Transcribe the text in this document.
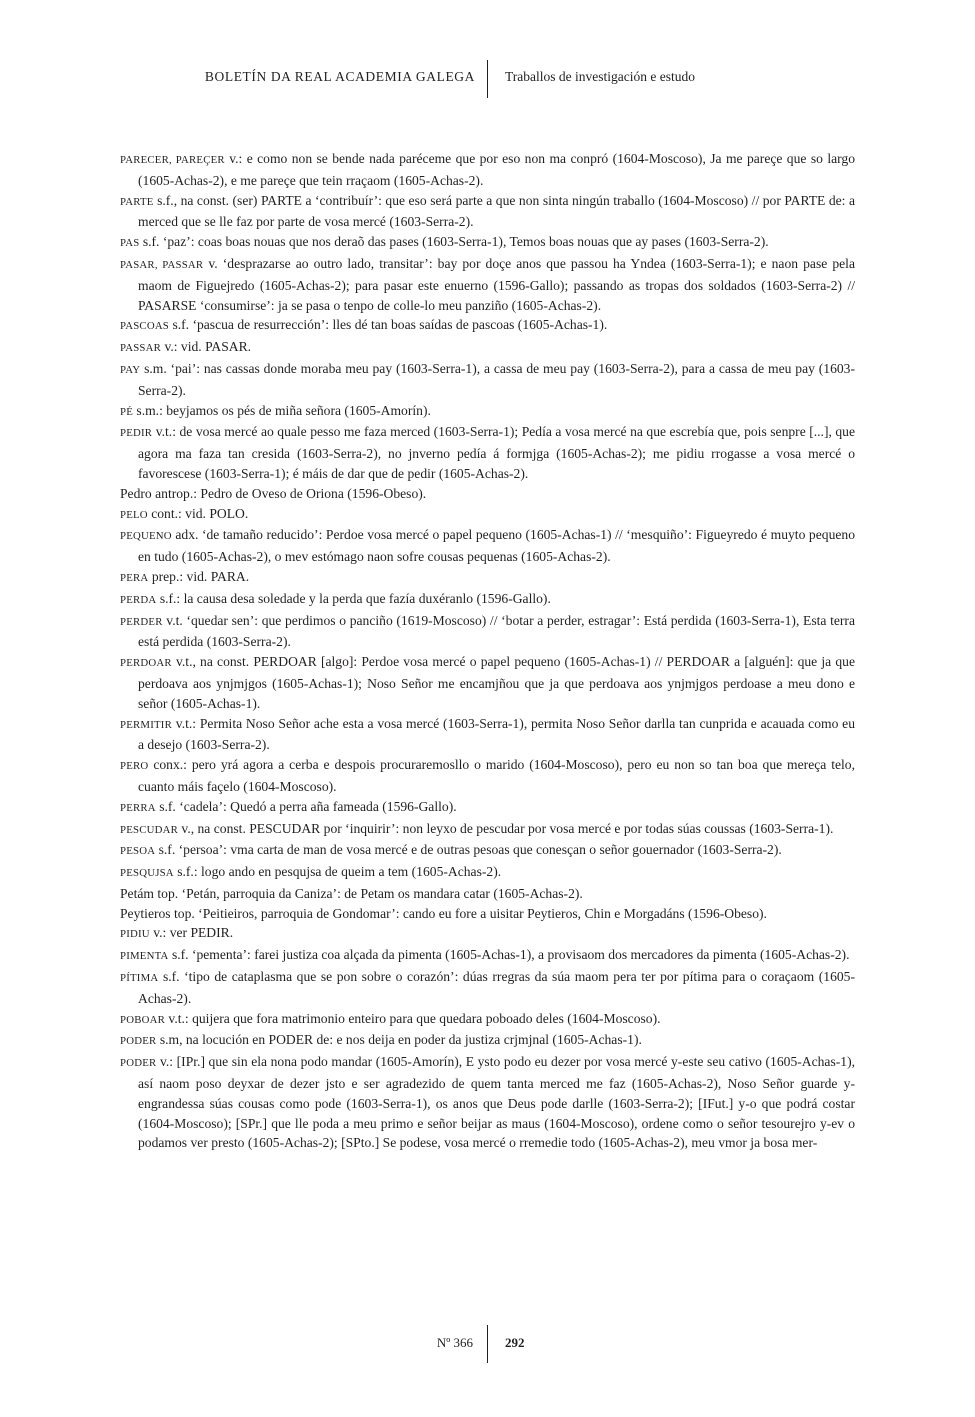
BOLETÍN DA REAL ACADEMIA GALEGA Traballos de investigación e estudo
PARECER, PAREÇER v.: e como non se bende nada paréceme que por eso non ma conpró (1604-Moscoso), Ja me pareçe que so largo (1605-Achas-2), e me pareçe que tein rraçaom (1605-Achas-2).
PARTE s.f., na const. (ser) PARTE a ‘contribuír’: que eso será parte a que non sinta ningún traballo (1604-Moscoso) // por PARTE de: a merced que se lle faz por parte de vosa mercé (1603-Serra-2).
PAS s.f. ‘paz’: coas boas nouas que nos deraõ das pases (1603-Serra-1), Temos boas nouas que ay pases (1603-Serra-2).
PASAR, PASSAR v. ‘desprazarse ao outro lado, transitar’: bay por doçe anos que passou ha Yndea (1603-Serra-1); e naon pase pela maom de Figuejredo (1605-Achas-2); para pasar este enuerno (1596-Gallo); passando as tropas dos soldados (1603-Serra-2) // PASARSE ‘consumirse’: ja se pasa o tenpo de colle-lo meu panziño (1605-Achas-2).
PASCOAS s.f. ‘pascua de resurrección’: lles dé tan boas saídas de pascoas (1605-Achas-1).
PASSAR v.: vid. PASAR.
PAY s.m. ‘pai’: nas cassas donde moraba meu pay (1603-Serra-1), a cassa de meu pay (1603-Serra-2), para a cassa de meu pay (1603-Serra-2).
PÉ s.m.: beyjamos os pés de miña señora (1605-Amorín).
PEDIR v.t.: de vosa mercé ao quale pesso me faza merced (1603-Serra-1); Pedía a vosa mercé na que escrebía que, pois senpre [...], que agora ma faza tan cresida (1603-Serra-2), no jnverno pedía á formjga (1605-Achas-2); me pidiu rrogasse a vosa mercé o favorescese (1603-Serra-1); é máis de dar que de pedir (1605-Achas-2).
Pedro antrop.: Pedro de Oveso de Oriona (1596-Obeso).
PELO cont.: vid. POLO.
PEQUENO adx. ‘de tamaño reducido’: Perdoe vosa mercé o papel pequeno (1605-Achas-1) // ‘mesquiño’: Figueyredo é muyto pequeno en tudo (1605-Achas-2), o mev estómago naon sofre cousas pequenas (1605-Achas-2).
PERA prep.: vid. PARA.
PERDA s.f.: la causa desa soledade y la perda que fazía duxéranlo (1596-Gallo).
PERDER v.t. ‘quedar sen’: que perdimos o panciño (1619-Moscoso) // ‘botar a perder, estragar’: Está perdida (1603-Serra-1), Esta terra está perdida (1603-Serra-2).
PERDOAR v.t., na const. PERDOAR [algo]: Perdoe vosa mercé o papel pequeno (1605-Achas-1) // PERDOAR a [alguén]: que ja que perdoava aos ynjmjgos (1605-Achas-1); Noso Señor me encamjñou que ja que perdoava aos ynjmjgos perdoase a meu dono e señor (1605-Achas-1).
PERMITIR v.t.: Permita Noso Señor ache esta a vosa mercé (1603-Serra-1), permita Noso Señor darlla tan cunprida e acauada como eu a desejo (1603-Serra-2).
PERO conx.: pero yrá agora a cerba e despois procuraremosllo o marido (1604-Moscoso), pero eu non so tan boa que mereça telo, cuanto máis façelo (1604-Moscoso).
PERRA s.f. ‘cadela’: Quedó a perra aña fameada (1596-Gallo).
PESCUDAR v., na const. PESCUDAR por ‘inquirir’: non leyxo de pescudar por vosa mercé e por todas súas coussas (1603-Serra-1).
PESOA s.f. ‘persoa’: vma carta de man de vosa mercé e de outras pesoas que conesçan o señor gouernador (1603-Serra-2).
PESQUJSA s.f.: logo ando en pesqujsa de queim a tem (1605-Achas-2).
Petám top. ‘Petán, parroquia da Caniza’: de Petam os mandara catar (1605-Achas-2).
Peytieros top. ‘Peitieiros, parroquia de Gondomar’: cando eu fore a uisitar Peytieros, Chin e Morgadáns (1596-Obeso).
PIDIU v.: ver PEDIR.
PIMENTA s.f. ‘pementa’: farei justiza coa alçada da pimenta (1605-Achas-1), a provisaom dos mercadores da pimenta (1605-Achas-2).
PÍTIMA s.f. ‘tipo de cataplasma que se pon sobre o corazón’: dúas rregras da súa maom pera ter por pítima para o coraçaom (1605-Achas-2).
POBOAR v.t.: quijera que fora matrimonio enteiro para que quedara poboado deles (1604-Moscoso).
PODER s.m, na locución en PODER de: e nos deija en poder da justiza crjmjnal (1605-Achas-1).
PODER v.: [IPr.] que sin ela nona podo mandar (1605-Amorín), E ysto podo eu dezer por vosa mercé y-este seu cativo (1605-Achas-1), así naom poso deyxar de dezer jsto e ser agradezido de quem tanta merced me faz (1605-Achas-2), Noso Señor guarde y-engrandessa súas cousas como pode (1603-Serra-1), os anos que Deus pode darlle (1603-Serra-2); [IFut.] y-o que podrá costar (1604-Moscoso); [SPr.] que lle poda a meu primo e señor beijar as maus (1604-Moscoso), ordene como o señor tesourejro y-ev o podamos ver presto (1605-Achas-2); [SPto.] Se podese, vosa mercé o rremedie todo (1605-Achas-2), meu vmor ja bosa mer-
Nº 366 292
